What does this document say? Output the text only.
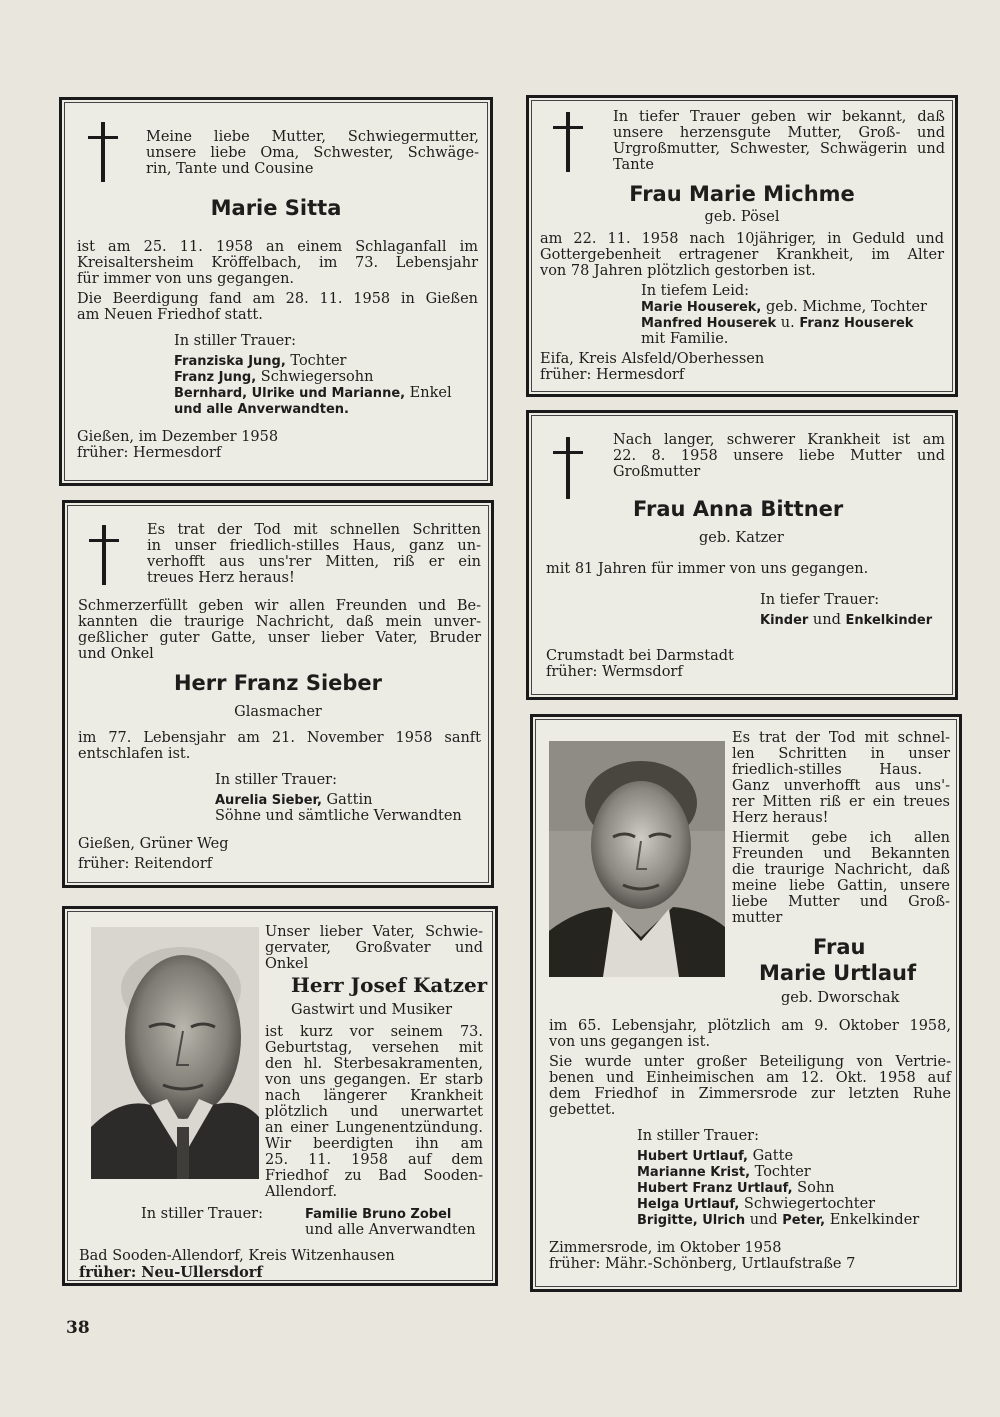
Meine liebe Mutter, Schwiegermutter,

unsere liebe Oma, Schwester, Schwäge-

rin, Tante und Cousine

Marie Sitta

ist am 25. 11. 1958 an einem Schlaganfall im

Kreisaltersheim Kröffelbach, im 73. Lebensjahr

für immer von uns gegangen.

Die Beerdigung fand am 28. 11. 1958 in Gießen

am Neuen Friedhof statt.

In stiller Trauer:

Franziska Jung, Tochter

Franz Jung, Schwiegersohn

Bernhard, Ulrike und Marianne, Enkel

und alle Anverwandten.

Gießen, im Dezember 1958

früher: Hermesdorf

In tiefer Trauer geben wir bekannt, daß

unsere herzensgute Mutter, Groß- und

Urgroßmutter, Schwester, Schwägerin und

Tante

Frau Marie Michme

geb. Pösel

am 22. 11. 1958 nach 10jähriger, in Geduld und

Gottergebenheit ertragener Krankheit, im Alter

von 78 Jahren plötzlich gestorben ist.

In tiefem Leid:

Marie Houserek, geb. Michme, Tochter

Manfred Houserek u. Franz Houserek

mit Familie.

Eifa, Kreis Alsfeld/Oberhessen

früher: Hermesdorf

Nach langer, schwerer Krankheit ist am

22. 8. 1958 unsere liebe Mutter und

Großmutter

Frau Anna Bittner

geb. Katzer

mit 81 Jahren für immer von uns gegangen.

In tiefer Trauer:

Kinder und Enkelkinder

Crumstadt bei Darmstadt

früher: Wermsdorf

Es trat der Tod mit schnellen Schritten

in unser friedlich-stilles Haus, ganz un-

verhofft aus uns'rer Mitten, riß er ein

treues Herz heraus!

Schmerzerfüllt geben wir allen Freunden und Be-

kannten die traurige Nachricht, daß mein unver-

geßlicher guter Gatte, unser lieber Vater, Bruder

und Onkel

Herr Franz Sieber

Glasmacher

im 77. Lebensjahr am 21. November 1958 sanft

entschlafen ist.

In stiller Trauer:

Aurelia Sieber, Gattin

Söhne und sämtliche Verwandten

Gießen, Grüner Weg

früher: Reitendorf

Unser lieber Vater, Schwie-

gervater, Großvater und

Onkel

Herr Josef Katzer

Gastwirt und Musiker

ist kurz vor seinem 73.

Geburtstag, versehen mit

den hl. Sterbesakramenten,

von uns gegangen. Er starb

nach längerer Krankheit

plötzlich und unerwartet

an einer Lungenentzündung.

Wir beerdigten ihn am

25. 11. 1958 auf dem

Friedhof zu Bad Sooden-

Allendorf.

In stiller Trauer:	Familie Bruno Zobel

und alle Anverwandten

Bad Sooden-Allendorf, Kreis Witzenhausen

früher: Neu-Ullersdorf

Es trat der Tod mit schnel-

len Schritten in unser

friedlich-stilles Haus.

Ganz unverhofft aus uns'-

rer Mitten riß er ein treues

Herz heraus!

Hiermit gebe ich allen

Freunden und Bekannten

die traurige Nachricht, daß

meine liebe Gattin, unsere

liebe Mutter und Groß-

mutter

Frau

Marie Urtlauf

geb. Dworschak

im 65. Lebensjahr, plötzlich am 9. Oktober 1958,

von uns gegangen ist.

Sie wurde unter großer Beteiligung von Vertrie-

benen und Einheimischen am 12. Okt. 1958 auf

dem Friedhof in Zimmersrode zur letzten Ruhe

gebettet.

In stiller Trauer:

Hubert Urtlauf, Gatte

Marianne Krist, Tochter

Hubert Franz Urtlauf, Sohn

Helga Urtlauf, Schwiegertochter

Brigitte, Ulrich und Peter, Enkelkinder

Zimmersrode, im Oktober 1958

früher: Mähr.-Schönberg, Urtlaufstraße 7

38
